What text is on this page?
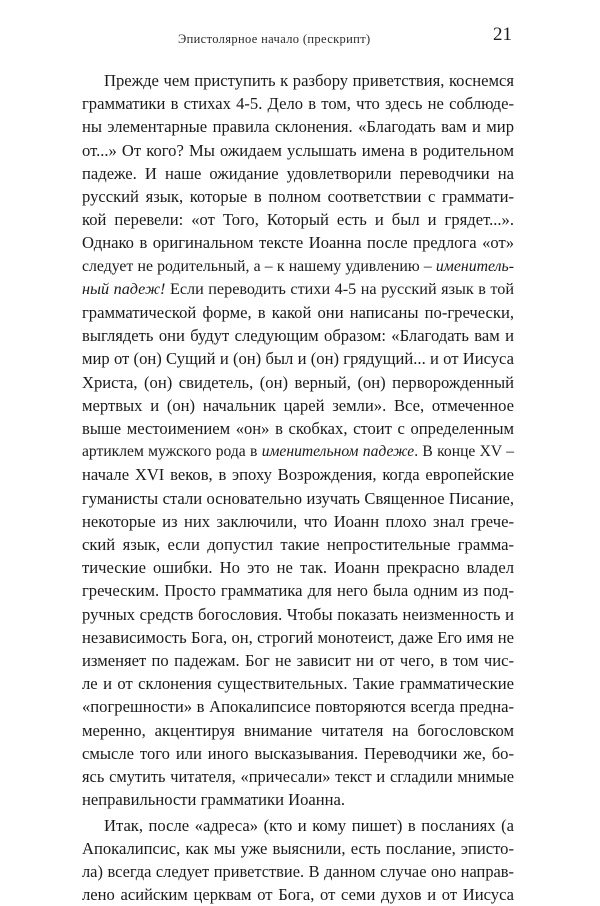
Эпистолярное начало (прескрипт)	21

Прежде чем приступить к разбору приветствия, коснемся
грамматики в стихах 4-5. Дело в том, что здесь не соблюде-
ны элементарные правила склонения. «Благодать вам и мир
от...» От кого? Мы ожидаем услышать имена в родительном
падеже. И наше ожидание удовлетворили переводчики на
русский язык, которые в полном соответствии с граммати-
кой перевели: «от Того, Который есть и был и грядет...».
Однако в оригинальном тексте Иоанна после предлога «от»
следует не родительный, а – к нашему удивлению – именитель-
ный падеж! Если переводить стихи 4-5 на русский язык в той
грамматической форме, в какой они написаны по-гречески,
выглядеть они будут следующим образом: «Благодать вам и
мир от (он) Сущий и (он) был и (он) грядущий... и от Иисуса
Христа, (он) свидетель, (он) верный, (он) перворожденный
мертвых и (он) начальник царей земли». Все, отмеченное
выше местоимением «он» в скобках, стоит с определенным
артиклем мужского рода в именительном падеже. В конце XV –
начале XVI веков, в эпоху Возрождения, когда европейские
гуманисты стали основательно изучать Священное Писание,
некоторые из них заключили, что Иоанн плохо знал грече-
ский язык, если допустил такие непростительные грамма-
тические ошибки. Но это не так. Иоанн прекрасно владел
греческим. Просто грамматика для него была одним из под-
ручных средств богословия. Чтобы показать неизменность и
независимость Бога, он, строгий монотеист, даже Его имя не
изменяет по падежам. Бог не зависит ни от чего, в том чис-
ле и от склонения существительных. Такие грамматические
«погрешности» в Апокалипсисе повторяются всегда предна-
меренно, акцентируя внимание читателя на богословском
смысле того или иного высказывания. Переводчики же, бо-
ясь смутить читателя, «причесали» текст и сгладили мнимые
неправильности грамматики Иоанна.

Итак, после «адреса» (кто и кому пишет) в посланиях (а
Апокалипсис, как мы уже выяснили, есть послание, эписто-
ла) всегда следует приветствие. В данном случае оно направ-
лено асийским церквам от Бога, от семи духов и от Иисуса
